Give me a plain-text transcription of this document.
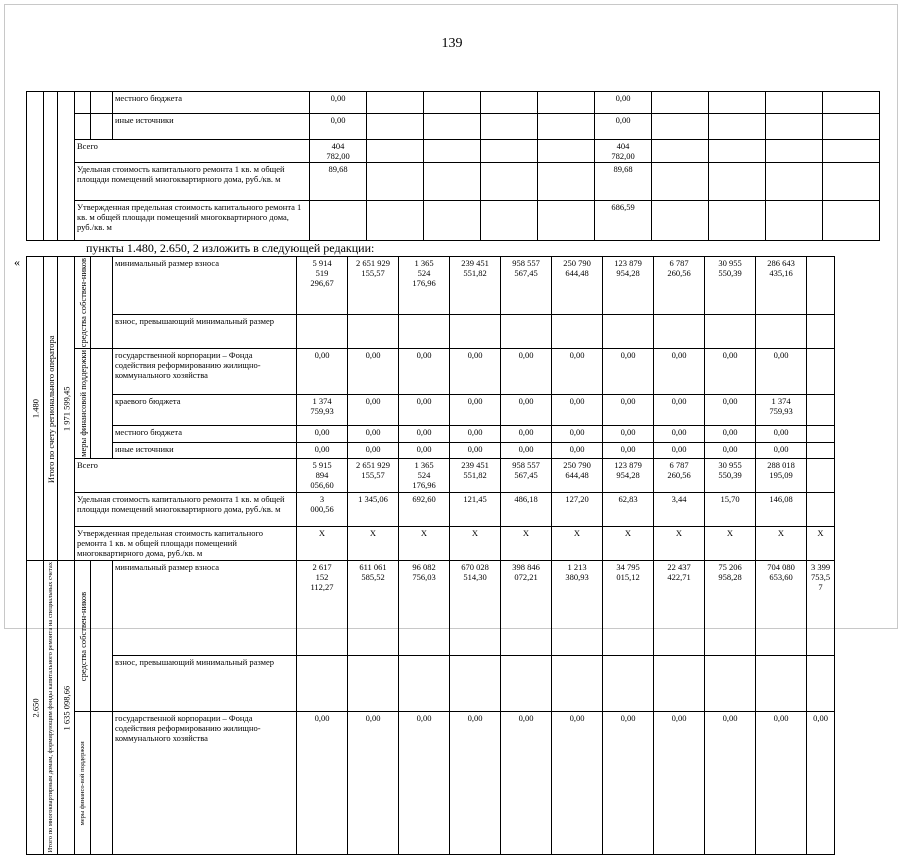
139
«
					местного бюджета	0,00					0,00				
					иные источники	0,00					0,00				
			Всего			404
782,00					404
782,00				
			Удельная стоимость капитального ремонта 1 кв. м общей площади помещений многоквартирного дома, руб./кв. м			89,68					89,68				
			Утвержденная предельная стоимость капитального ремонта 1 кв. м общей площади помещений многоквартирного дома, руб./кв. м								686,59				
пункты 1.480, 2.650, 2 изложить в следующей редакции:
1.480	Итого по счету регионального оператора	1 971 599,45	средства собствен-ников		минимальный размер взноса	5 914
519
296,67	2 651 929
155,57	1 365
524
176,96	239 451
551,82	958 557
567,45	250 790
644,48	123 879
954,28	6 787
260,56	30 955
550,39	286 643
435,16	
					взнос, превышающий минимальный размер											
			меры финансовой поддержки		государственной корпорации – Фонда содействия реформированию жилищно-коммунального хозяйства	0,00	0,00	0,00	0,00	0,00	0,00	0,00	0,00	0,00	0,00	
					краевого бюджета	1 374
759,93	0,00	0,00	0,00	0,00	0,00	0,00	0,00	0,00	1 374
759,93	
					местного бюджета	0,00	0,00	0,00	0,00	0,00	0,00	0,00	0,00	0,00	0,00	
					иные источники	0,00	0,00	0,00	0,00	0,00	0,00	0,00	0,00	0,00	0,00	
			Всего			5 915
894
056,60	2 651 929
155,57	1 365
524
176,96	239 451
551,82	958 557
567,45	250 790
644,48	123 879
954,28	6 787
260,56	30 955
550,39	288 018
195,09	
			Удельная стоимость капитального ремонта 1 кв. м общей площади помещений многоквартирного дома, руб./кв. м			3
000,56	1 345,06	692,60	121,45	486,18	127,20	62,83	3,44	15,70	146,08	
			Утвержденная предельная стоимость капитального ремонта 1 кв. м общей площади помещений многоквартирного дома, руб./кв. м			X	X	X	X	X	X	X	X	X	X	X
2.650	Итого по многоквартирным домам, формирующим фонды капитального ремонта на специальных счетах	1 635 098,66	средства собствен-ников		минимальный размер взноса	2 617
152
112,27	611 061
585,52	96 082
756,03	670 028
514,30	398 846
072,21	1 213
380,93	34 795
015,12	22 437
422,71	75 206
958,28	704 080
653,60	3 399
753,5
7
					взнос, превышающий минимальный размер											
			меры финансо-вой поддержки		государственной корпорации – Фонда содействия реформированию жилищно-коммунального хозяйства	0,00	0,00	0,00	0,00	0,00	0,00	0,00	0,00	0,00	0,00	0,00
